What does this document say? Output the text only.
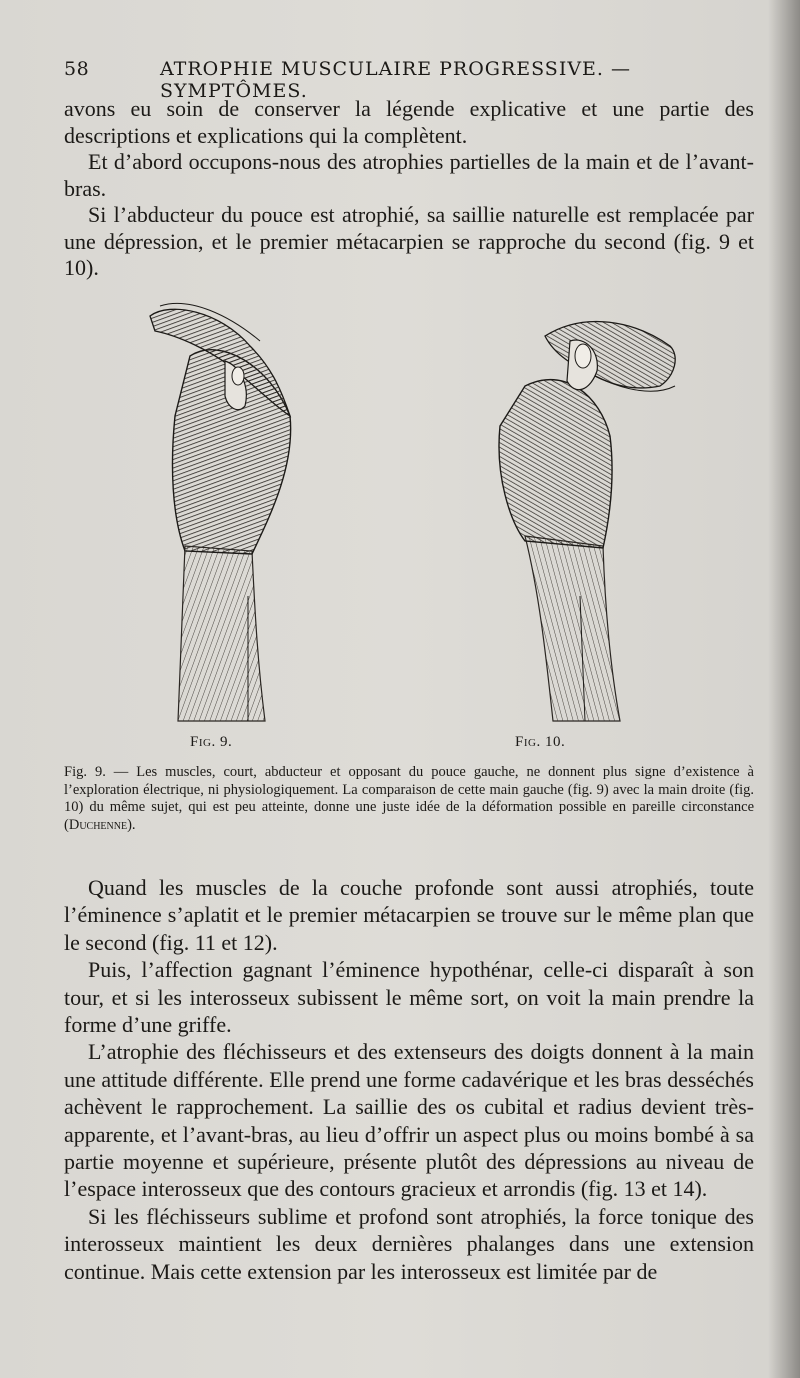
58	ATROPHIE MUSCULAIRE PROGRESSIVE. — SYMPTÔMES.

avons eu soin de conserver la légende explicative et une partie des descriptions et explications qui la complètent.

Et d’abord occupons-nous des atrophies partielles de la main et de l’avant-bras.

Si l’abducteur du pouce est atrophié, sa saillie naturelle est remplacée par une dépression, et le premier métacarpien se rapproche du second (fig. 9 et 10).

Fig. 9.	Fig. 10.
Fig. 9. — Les muscles, court, abducteur et opposant du pouce gauche, ne donnent plus signe d’existence à l’exploration électrique, ni physiologiquement. La comparaison de cette main gauche (fig. 9) avec la main droite (fig. 10) du même sujet, qui est peu atteinte, donne une juste idée de la déformation possible en pareille circonstance (Duchenne).

Quand les muscles de la couche profonde sont aussi atrophiés, toute l’éminence s’aplatit et le premier métacarpien se trouve sur le même plan que le second (fig. 11 et 12).

Puis, l’affection gagnant l’éminence hypothénar, celle-ci disparaît à son tour, et si les interosseux subissent le même sort, on voit la main prendre la forme d’une griffe.

L’atrophie des fléchisseurs et des extenseurs des doigts donnent à la main une attitude différente. Elle prend une forme cadavérique et les bras desséchés achèvent le rapprochement. La saillie des os cubital et radius devient très-apparente, et l’avant-bras, au lieu d’offrir un aspect plus ou moins bombé à sa partie moyenne et supérieure, présente plutôt des dépressions au niveau de l’espace interosseux que des contours gracieux et arrondis (fig. 13 et 14).

Si les fléchisseurs sublime et profond sont atrophiés, la force tonique des interosseux maintient les deux dernières phalanges dans une extension continue. Mais cette extension par les interosseux est limitée par de
